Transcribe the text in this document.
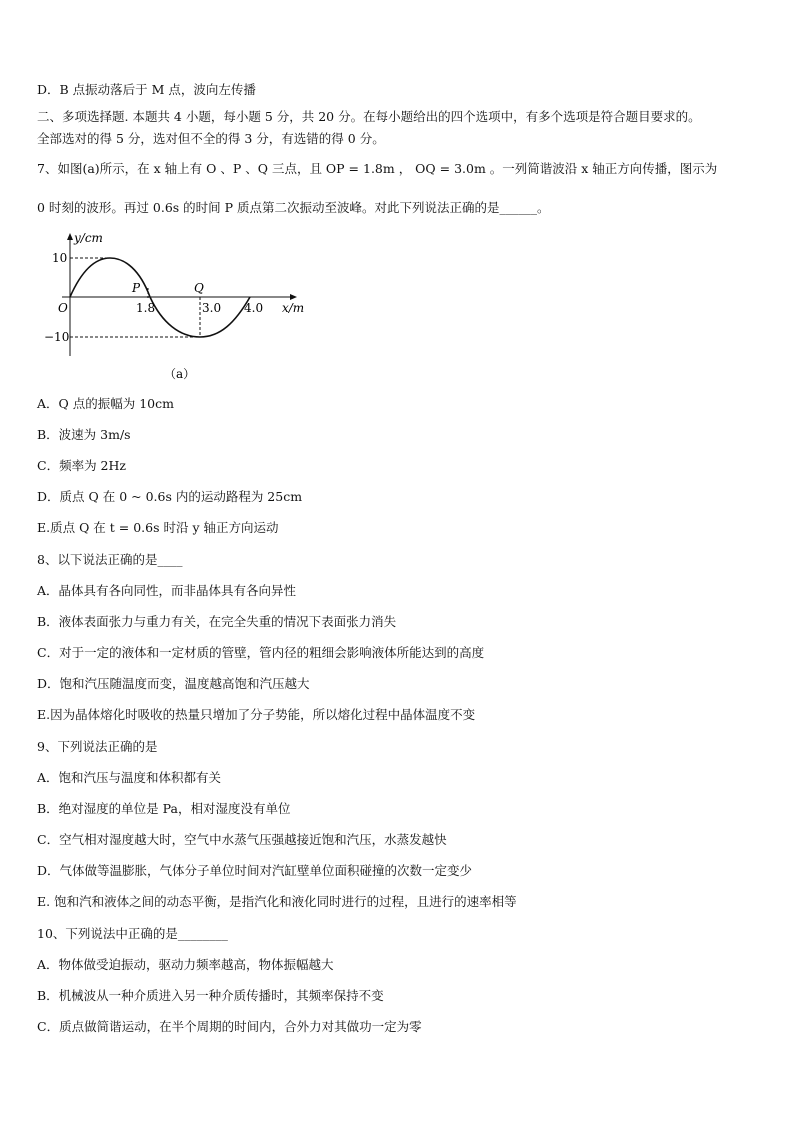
D．B 点振动落后于 M 点，波向左传播
二、多项选择题. 本题共 4 小题，每小题 5 分，共 20 分。在每小题给出的四个选项中，有多个选项是符合题目要求的。
全部选对的得 5 分，选对但不全的得 3 分，有选错的得 0 分。
7、如图(a)所示，在 x 轴上有 O 、P 、Q 三点，且 OP = 1.8m ， OQ = 3.0m 。一列简谐波沿 x 轴正方向传播，图示为
0 时刻的波形。再过 0.6s 的时间 P 质点第二次振动至波峰。对此下列说法正确的是______。
y/cm
10
−10
O
P	Q
1.8	3.0 4.0 x/m
（a）
A．Q 点的振幅为 10cm
B．波速为 3m/s
C．频率为 2Hz
D．质点 Q 在 0 ~ 0.6s 内的运动路程为 25cm
E.质点 Q 在 t = 0.6s 时沿 y 轴正方向运动
8、以下说法正确的是____
A．晶体具有各向同性，而非晶体具有各向异性
B．液体表面张力与重力有关，在完全失重的情况下表面张力消失
C．对于一定的液体和一定材质的管壁，管内径的粗细会影响液体所能达到的高度
D．饱和汽压随温度而变，温度越高饱和汽压越大
E.因为晶体熔化时吸收的热量只增加了分子势能，所以熔化过程中晶体温度不变
9、下列说法正确的是
A．饱和汽压与温度和体积都有关
B．绝对湿度的单位是 Pa，相对湿度没有单位
C．空气相对湿度越大时，空气中水蒸气压强越接近饱和汽压，水蒸发越快
D．气体做等温膨胀，气体分子单位时间对汽缸壁单位面积碰撞的次数一定变少
E. 饱和汽和液体之间的动态平衡，是指汽化和液化同时进行的过程，且进行的速率相等
10、下列说法中正确的是________
A．物体做受迫振动，驱动力频率越高，物体振幅越大
B．机械波从一种介质进入另一种介质传播时，其频率保持不变
C．质点做简谐运动，在半个周期的时间内，合外力对其做功一定为零
